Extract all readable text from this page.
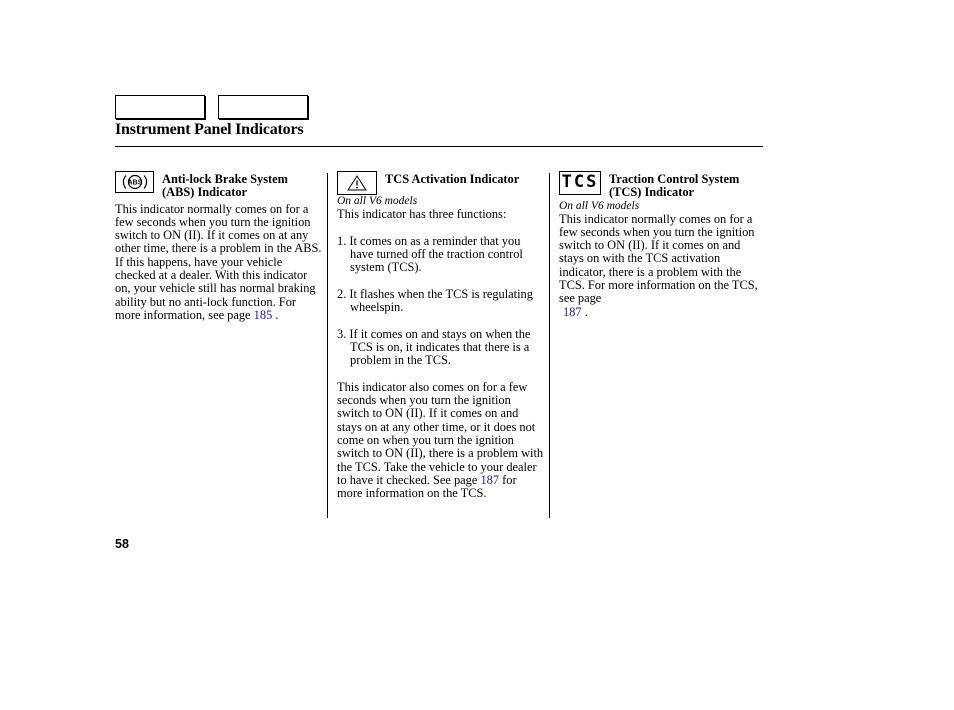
Instrument Panel Indicators
ABS Anti-lock Brake System (ABS) Indicator

This indicator normally comes on for a few seconds when you turn the ignition switch to ON (II). If it comes on at any other time, there is a problem in the ABS. If this happens, have your vehicle checked at a dealer. With this indicator on, your vehicle still has normal braking ability but no anti-lock function. For more information, see page 185 .

TCS Activation Indicator
On all V6 models

This indicator has three functions:

1. It comes on as a reminder that you have turned off the traction control system (TCS).

2. It flashes when the TCS is regulating wheelspin.

3. If it comes on and stays on when the TCS is on, it indicates that there is a problem in the TCS.

This indicator also comes on for a few seconds when you turn the ignition switch to ON (II). If it comes on and stays on at any other time, or it does not come on when you turn the ignition switch to ON (II), there is a problem with the TCS. Take the vehicle to your dealer to have it checked. See page 187 for more information on the TCS.

TCS Traction Control System (TCS) Indicator
On all V6 models

This indicator normally comes on for a few seconds when you turn the ignition switch to ON (II). If it comes on and stays on with the TCS activation indicator, there is a problem with the TCS. For more information on the TCS, see page
187 .

58
